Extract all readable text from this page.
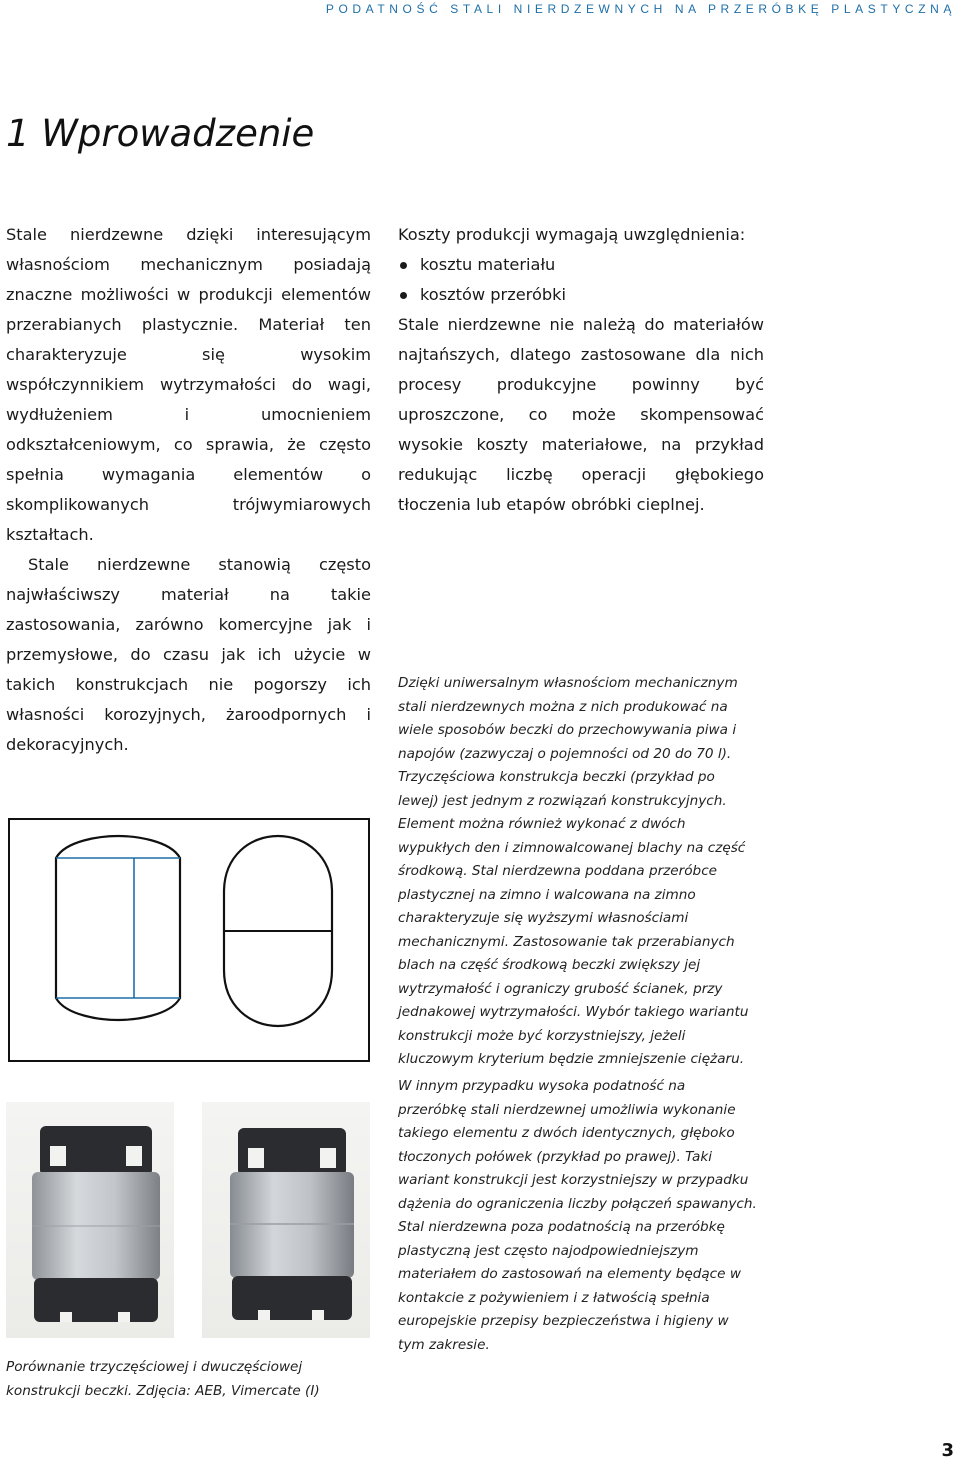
PODATNOŚĆ STALI NIERDZEWNYCH NA PRZERÓBKĘ PLASTYCZNĄ
1 Wprowadzenie

Stale nierdzewne dzięki interesującym własnościom mechanicznym posiadają znaczne możliwości w produkcji elementów przerabianych plastycznie. Materiał ten charakteryzuje się wysokim współczynnikiem wytrzymałości do wagi, wydłużeniem i umocnieniem odkształceniowym, co sprawia, że często spełnia wymagania elementów o skomplikowanych trójwymiarowych kształtach.

Stale nierdzewne stanowią często najwłaściwszy materiał na takie zastosowania, zarówno komercyjne jak i przemysłowe, do czasu jak ich użycie w takich konstrukcjach nie pogorszy ich własności korozyjnych, żaroodpornych i dekoracyjnych.

Koszty produkcji wymagają uwzględnienia:

kosztu materiału
kosztów przeróbki

Stale nierdzewne nie należą do materiałów najtańszych, dlatego zastosowane dla nich procesy produkcyjne powinny być uproszczone, co może skompensować wysokie koszty materiałowe, na przykład redukując liczbę operacji głębokiego tłoczenia lub etapów obróbki cieplnej.

Dzięki uniwersalnym własnościom mechanicznym stali nierdzewnych można z nich produkować na wiele sposobów beczki do przechowywania piwa i napojów (zazwyczaj o pojemności od 20 do 70 l). Trzyczęściowa konstrukcja beczki (przykład po lewej) jest jednym z rozwiązań konstrukcyjnych. Element można również wykonać z dwóch wypukłych den i zimnowalcowanej blachy na część środkową. Stal nierdzewna poddana przeróbce plastycznej na zimno i walcowana na zimno charakteryzuje się wyższymi własnościami mechanicznymi. Zastosowanie tak przerabianych blach na część środkową beczki zwiększy jej wytrzymałość i ograniczy grubość ścianek, przy jednakowej wytrzymałości. Wybór takiego wariantu konstrukcji może być korzystniejszy, jeżeli kluczowym kryterium będzie zmniejszenie ciężaru.

W innym przypadku wysoka podatność na przeróbkę stali nierdzewnej umożliwia wykonanie takiego elementu z dwóch identycznych, głęboko tłoczonych połówek (przykład po prawej). Taki wariant konstrukcji jest korzystniejszy w przypadku dążenia do ograniczenia liczby połączeń spawanych. Stal nierdzewna poza podatnością na przeróbkę plastyczną jest często najodpowiedniejszym materiałem do zastosowań na elementy będące w kontakcie z pożywieniem i z łatwością spełnia europejskie przepisy bezpieczeństwa i higieny w tym zakresie.

Porównanie trzyczęściowej i dwuczęściowej konstrukcji beczki. Zdjęcia: AEB, Vimercate (I)
3
